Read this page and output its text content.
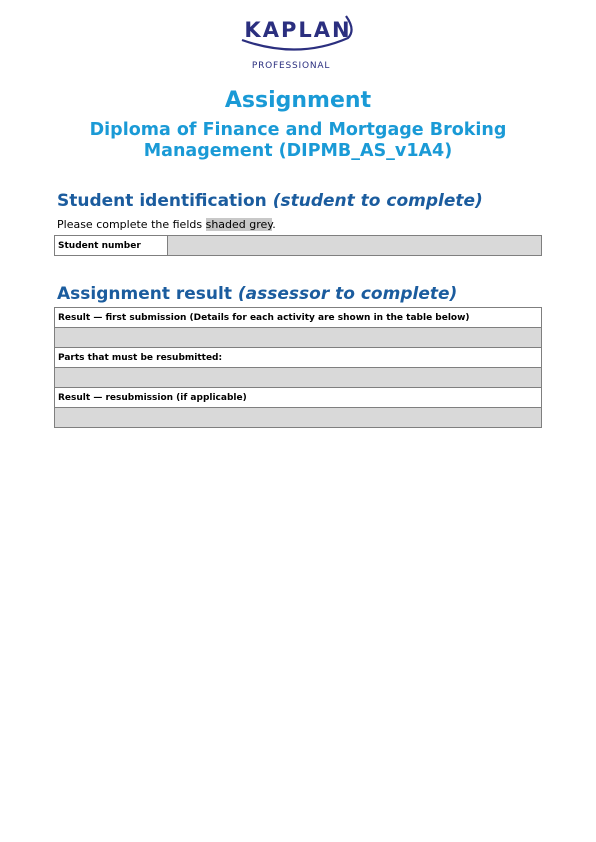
KAPLAN
PROFESSIONAL
Assignment
Diploma of Finance and Mortgage Broking
Management (DIPMB_AS_v1A4)
Student identification (student to complete)

Please complete the fields shaded grey.

Student number	
Assignment result (assessor to complete)
Result — first submission (Details for each activity are shown in the table below)

Parts that must be resubmitted:

Result — resubmission (if applicable)
